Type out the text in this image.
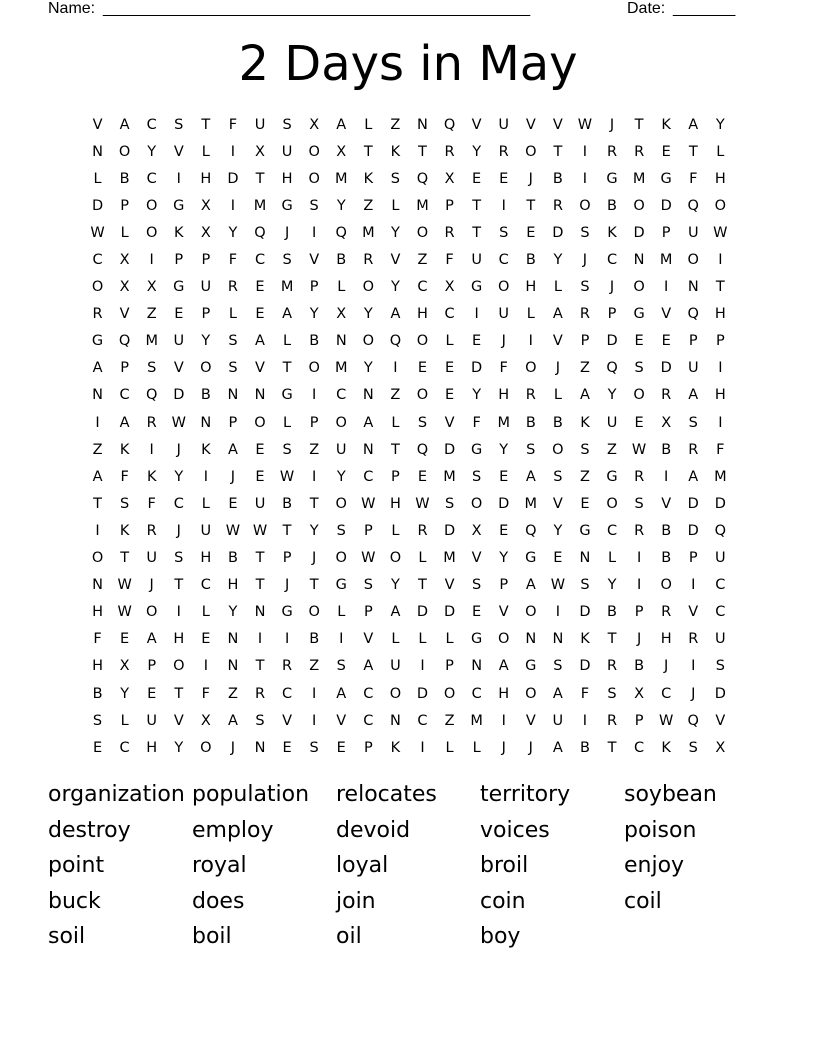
Name: ________________________________________________	Date: _______
2 Days in May
V	A	C	S	T	F	U	S	X	A	L	Z	N	Q	V	U	V	V	W	J	T	K	A	Y
N	O	Y	V	L	I	X	U	O	X	T	K	T	R	Y	R	O	T	I	R	R	E	T	L
L	B	C	I	H	D	T	H	O	M	K	S	Q	X	E	E	J	B	I	G	M	G	F	H
D	P	O	G	X	I	M	G	S	Y	Z	L	M	P	T	I	T	R	O	B	O	D	Q	O
W	L	O	K	X	Y	Q	J	I	Q	M	Y	O	R	T	S	E	D	S	K	D	P	U	W
C	X	I	P	P	F	C	S	V	B	R	V	Z	F	U	C	B	Y	J	C	N	M	O	I
O	X	X	G	U	R	E	M	P	L	O	Y	C	X	G	O	H	L	S	J	O	I	N	T
R	V	Z	E	P	L	E	A	Y	X	Y	A	H	C	I	U	L	A	R	P	G	V	Q	H
G	Q	M	U	Y	S	A	L	B	N	O	Q	O	L	E	J	I	V	P	D	E	E	P	P
A	P	S	V	O	S	V	T	O	M	Y	I	E	E	D	F	O	J	Z	Q	S	D	U	I
N	C	Q	D	B	N	N	G	I	C	N	Z	O	E	Y	H	R	L	A	Y	O	R	A	H
I	A	R	W N	P	O	L	P	O	A	L	S	V	F	M	B	B	K	U	E	X	S	I
Z	K	I	J	K	A	E	S	Z	U	N	T	Q	D	G	Y	S	O	S	Z	W	B	R	F
A	F	K	Y	I	J	E	W	I	Y	C	P	E	M	S	E	A	S	Z	G	R	I	A	M
T	S	F	C	L	E	U	B	T	O W H W	S	O	D	M	V	E	O	S	V	D	D
I	K	R	J	U	W W	T	Y	S	P	L	R	D	X	E	Q	Y	G	C	R	B	D	Q
O	T	U	S	H	B	T	P	J	O W O	L	M	V	Y	G	E	N	L	I	B	P	U
N W	J	T	C	H	T	J	T	G	S	Y	T	V	S	P	A	W	S	Y	I	O	I	C
H W O	I	L	Y	N	G	O	L	P	A	D	D	E	V	O	I	D	B	P	R	V	C
F	E	A	H	E	N	I	I	B	I	V	L	L	L	G	O	N	N	K	T	J	H	R	U
H	X	P	O	I	N	T	R	Z	S	A	U	I	P	N	A	G	S	D	R	B	J	I	S
B	Y	E	T	F	Z	R	C	I	A	C	O	D	O	C	H	O	A	F	S	X	C	J	D
S	L	U	V	X	A	S	V	I	V	C	N	C	Z	M	I	V	U	I	R	P	W Q	V
E	C	H	Y	O	J	N	E	S	E	P	K	I	L	L	J	J	A	B	T	C	K	S	X
organization population	relocates	territory	soybean
destroy	employ	devoid	voices	poison
point	royal	loyal	broil	enjoy
buck	does	join	coin	coil
soil	boil	oil	boy
